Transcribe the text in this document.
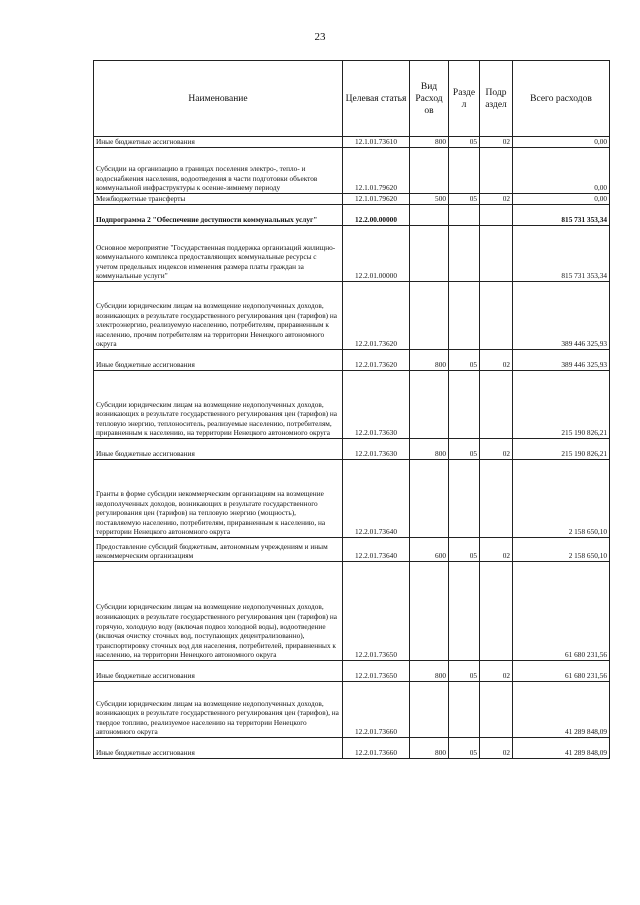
23
Наименование	Целевая статья	Вид Расход ов	Разде л	Подр аздел	Всего расходов
Иные бюджетные ассигнования	12.1.01.73610	800	05	02	0,00
Субсидии на организацию в границах поселения электро-, тепло- и водоснабжения населения, водоотведения в части подготовки объектов коммунальной инфраструктуры к осенне-зимнему периоду	12.1.01.79620				0,00
Межбюджетные трансферты	12.1.01.79620	500	05	02	0,00
Подпрограмма 2 "Обеспечение доступности коммунальных услуг"	12.2.00.00000				815 731 353,34
Основное мероприятие "Государственная поддержка организаций жилищно-коммунального комплекса предоставляющих коммунальные ресурсы с учетом предельных индексов изменения размера платы граждан за коммунальные услуги"	12.2.01.00000				815 731 353,34
Субсидии юридическим лицам на возмещение недополученных доходов, возникающих в результате государственного регулирования цен (тарифов) на электроэнергию, реализуемую населению, потребителям, приравненным к населению, прочим потребителям на территории Ненецкого автономного округа	12.2.01.73620				389 446 325,93
Иные бюджетные ассигнования	12.2.01.73620	800	05	02	389 446 325,93
Субсидии юридическим лицам на возмещение недополученных доходов, возникающих в результате государственного регулирования цен (тарифов) на тепловую энергию, теплоноситель, реализуемые населению, потребителям, приравненным к населению, на территории Ненецкого автономного округа	12.2.01.73630				215 190 826,21
Иные бюджетные ассигнования	12.2.01.73630	800	05	02	215 190 826,21
Гранты в форме субсидии некоммерческим организациям на возмещение недополученных доходов, возникающих в результате государственного регулирования цен (тарифов) на тепловую энергию (мощность), поставляемую населению, потребителям, приравненным к населению, на территории Ненецкого автономного округа	12.2.01.73640				2 158 650,10
Предоставление субсидий бюджетным, автономным учреждениям и иным некоммерческим организациям	12.2.01.73640	600	05	02	2 158 650,10
Субсидии юридическим лицам на возмещение недополученных доходов, возникающих в результате государственного регулирования цен (тарифов) на горячую, холодную воду (включая подвоз холодной воды), водоотведение (включая очистку сточных вод, поступающих децентрализованно), транспортировку сточных вод для населения, потребителей, приравненных к населению, на территории Ненецкого автономного округа	12.2.01.73650				61 680 231,56
Иные бюджетные ассигнования	12.2.01.73650	800	05	02	61 680 231,56
Субсидии юридическим лицам на возмещение недополученных доходов, возникающих в результате государственного регулирования цен (тарифов), на твердое топливо, реализуемое населению на территории Ненецкого автономного округа	12.2.01.73660				41 289 848,09
Иные бюджетные ассигнования	12.2.01.73660	800	05	02	41 289 848,09
